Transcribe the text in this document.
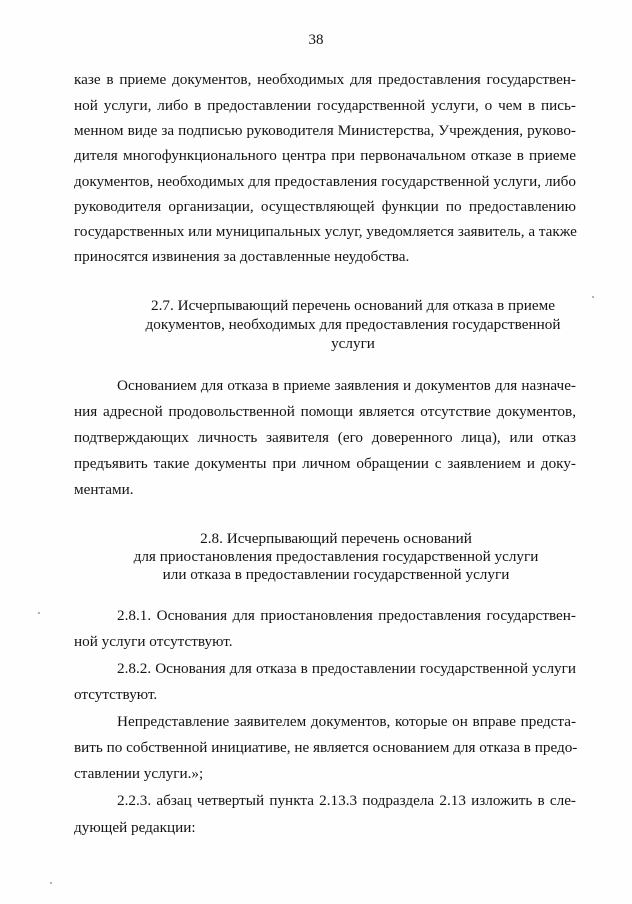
38
казе в приеме документов, необходимых для предоставления государствен-
ной услуги, либо в предоставлении государственной услуги, о чем в пись-
менном виде за подписью руководителя Министерства, Учреждения, руково-
дителя многофункционального центра при первоначальном отказе в приеме
документов, необходимых для предоставления государственной услуги, либо
руководителя организации, осуществляющей функции по предоставлению
государственных или муниципальных услуг, уведомляется заявитель, а также
приносятся извинения за доставленные неудобства.
2.7. Исчерпывающий перечень оснований для отказа в приеме
документов, необходимых для предоставления государственной
услуги
Основанием для отказа в приеме заявления и документов для назначе-
ния адресной продовольственной помощи является отсутствие документов,
подтверждающих личность заявителя (его доверенного лица), или отказ
предъявить такие документы при личном обращении с заявлением и доку-
ментами.
2.8. Исчерпывающий перечень оснований
для приостановления предоставления государственной услуги
или отказа в предоставлении государственной услуги
2.8.1. Основания для приостановления предоставления государствен-
ной услуги отсутствуют.
2.8.2. Основания для отказа в предоставлении государственной услуги
отсутствуют.
Непредставление заявителем документов, которые он вправе предста-
вить по собственной инициативе, не является основанием для отказа в предо-
ставлении услуги.»;
2.2.3. абзац четвертый пункта 2.13.3 подраздела 2.13 изложить в сле-
дующей редакции:
